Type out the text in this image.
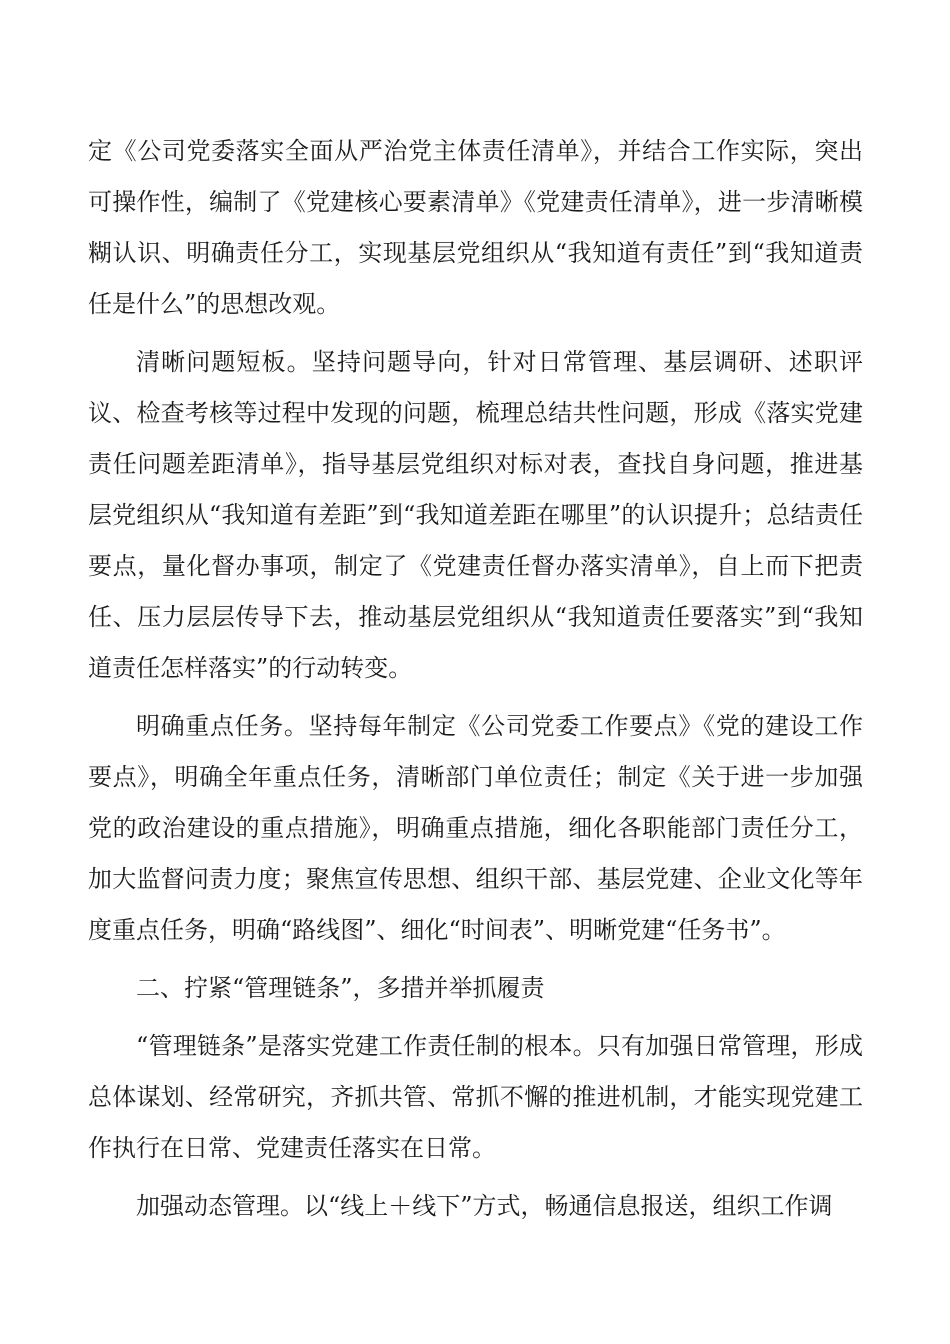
定《公司党委落实全面从严治党主体责任清单》，并结合工作实际，突出可操作性，编制了《党建核心要素清单》《党建责任清单》，进一步清晰模糊认识、明确责任分工，实现基层党组织从“我知道有责任”到“我知道责任是什么”的思想改观。

清晰问题短板。坚持问题导向，针对日常管理、基层调研、述职评议、检查考核等过程中发现的问题，梳理总结共性问题，形成《落实党建责任问题差距清单》，指导基层党组织对标对表，查找自身问题，推进基层党组织从“我知道有差距”到“我知道差距在哪里”的认识提升；总结责任要点，量化督办事项，制定了《党建责任督办落实清单》，自上而下把责任、压力层层传导下去，推动基层党组织从“我知道责任要落实”到“我知道责任怎样落实”的行动转变。

明确重点任务。坚持每年制定《公司党委工作要点》《党的建设工作要点》，明确全年重点任务，清晰部门单位责任；制定《关于进一步加强党的政治建设的重点措施》，明确重点措施，细化各职能部门责任分工，加大监督问责力度；聚焦宣传思想、组织干部、基层党建、企业文化等年度重点任务，明确“路线图”、细化“时间表”、明晰党建“任务书”。

二、拧紧“管理链条”，多措并举抓履责

“管理链条”是落实党建工作责任制的根本。只有加强日常管理，形成总体谋划、经常研究，齐抓共管、常抓不懈的推进机制，才能实现党建工作执行在日常、党建责任落实在日常。

加强动态管理。以“线上＋线下”方式，畅通信息报送，组织工作调
